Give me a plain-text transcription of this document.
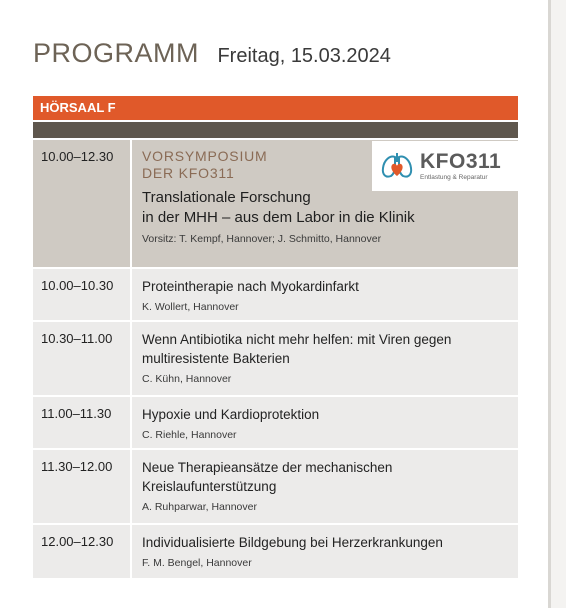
PROGRAMM Freitag, 15.03.2024
HÖRSAAL F
10.00–12.30	KFO311
Entlastung & Reparatur
VORSYMPOSIUM
DER KFO311
Translationale Forschung
in der MHH – aus dem Labor in die Klinik
Vorsitz: T. Kempf, Hannover; J. Schmitto, Hannover
10.00–10.30	Proteintherapie nach Myokardinfarkt
K. Wollert, Hannover
10.30–11.00	Wenn Antibiotika nicht mehr helfen: mit Viren gegen
multiresistente Bakterien
C. Kühn, Hannover
11.00–11.30	Hypoxie und Kardioprotektion
C. Riehle, Hannover
11.30–12.00	Neue Therapieansätze der mechanischen
Kreislaufunterstützung
A. Ruhparwar, Hannover
12.00–12.30	Individualisierte Bildgebung bei Herzerkrankungen
F. M. Bengel, Hannover
